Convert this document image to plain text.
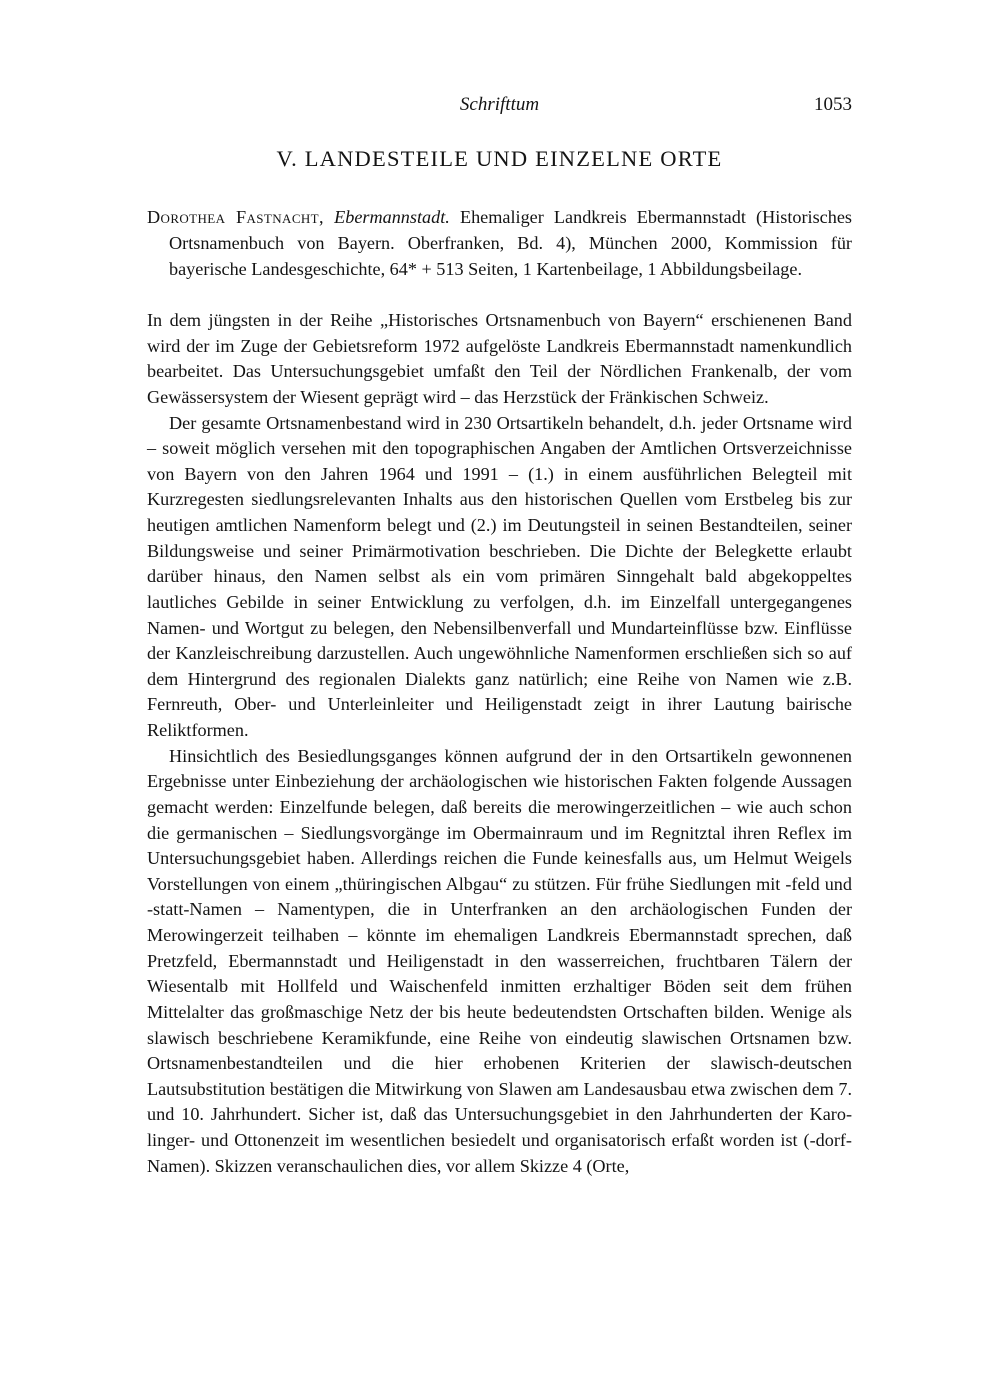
Schrifttum	1053
V. LANDESTEILE UND EINZELNE ORTE
Dorothea Fastnacht, Ebermannstadt. Ehemaliger Landkreis Ebermannstadt (Historisches Ortsnamenbuch von Bayern. Oberfranken, Bd. 4), München 2000, Kommission für bayerische Landesgeschichte, 64* + 513 Seiten, 1 Kartenbeilage, 1 Abbildungsbeilage.

In dem jüngsten in der Reihe „Historisches Ortsnamenbuch von Bayern“ erschienenen Band wird der im Zuge der Gebietsreform 1972 aufgelöste Landkreis Ebermannstadt namenkundlich bearbeitet. Das Untersuchungsgebiet umfaßt den Teil der Nördlichen Frankenalb, der vom Gewässersystem der Wiesent geprägt wird – das Herzstück der Fränkischen Schweiz.

Der gesamte Ortsnamenbestand wird in 230 Ortsartikeln behandelt, d.h. jeder Ortsname wird – soweit möglich versehen mit den topographischen Angaben der Amtlichen Ortsverzeichnisse von Bayern von den Jahren 1964 und 1991 – (1.) in einem ausführlichen Belegteil mit Kurzregesten siedlungsrelevanten Inhalts aus den historischen Quellen vom Erstbeleg bis zur heutigen amtlichen Namenform belegt und (2.) im Deutungsteil in seinen Bestandteilen, seiner Bildungsweise und seiner Primärmotivation beschrieben. Die Dichte der Belegkette erlaubt darüber hinaus, den Namen selbst als ein vom primären Sinngehalt bald abgekoppeltes lautliches Gebilde in seiner Entwicklung zu verfolgen, d.h. im Einzelfall untergegangenes Namen- und Wortgut zu belegen, den Nebensilbenverfall und Mundarteinflüsse bzw. Einflüsse der Kanzleischreibung darzustellen. Auch ungewöhnliche Namenformen erschließen sich so auf dem Hintergrund des regionalen Dialekts ganz natürlich; eine Reihe von Namen wie z.B. Fernreuth, Ober- und Unterleinleiter und Heiligenstadt zeigt in ihrer Lautung bairische Reliktformen.

Hinsichtlich des Besiedlungsganges können aufgrund der in den Ortsartikeln gewonnenen Ergebnisse unter Einbeziehung der archäologischen wie historischen Fakten folgende Aussagen gemacht werden: Einzelfunde belegen, daß bereits die merowingerzeitlichen – wie auch schon die germanischen – Siedlungsvorgänge im Obermainraum und im Regnitztal ihren Reflex im Untersuchungsgebiet haben. Allerdings reichen die Funde keinesfalls aus, um Helmut Weigels Vorstellungen von einem „thüringischen Albgau“ zu stützen. Für frühe Siedlungen mit -feld und -statt-Namen – Namentypen, die in Unterfranken an den archäologischen Funden der Merowingerzeit teilhaben – könnte im ehemaligen Landkreis Ebermannstadt sprechen, daß Pretzfeld, Ebermannstadt und Heiligenstadt in den wasserreichen, fruchtbaren Tälern der Wiesentalb mit Hollfeld und Waischenfeld inmitten erzhaltiger Böden seit dem frühen Mittelalter das großmaschige Netz der bis heute bedeutendsten Ortschaften bilden. Wenige als slawisch beschriebene Keramikfunde, eine Reihe von eindeutig slawischen Ortsnamen bzw. Ortsnamenbestandteilen und die hier erhobenen Kriterien der slawisch-deutschen Lautsubstitution bestätigen die Mitwirkung von Slawen am Landesausbau etwa zwischen dem 7. und 10. Jahrhundert. Sicher ist, daß das Untersuchungsgebiet in den Jahrhunderten der Karolinger- und Ottonenzeit im wesentlichen besiedelt und organisatorisch erfaßt worden ist (-dorf-Namen). Skizzen veranschaulichen dies, vor allem Skizze 4 (Orte,
